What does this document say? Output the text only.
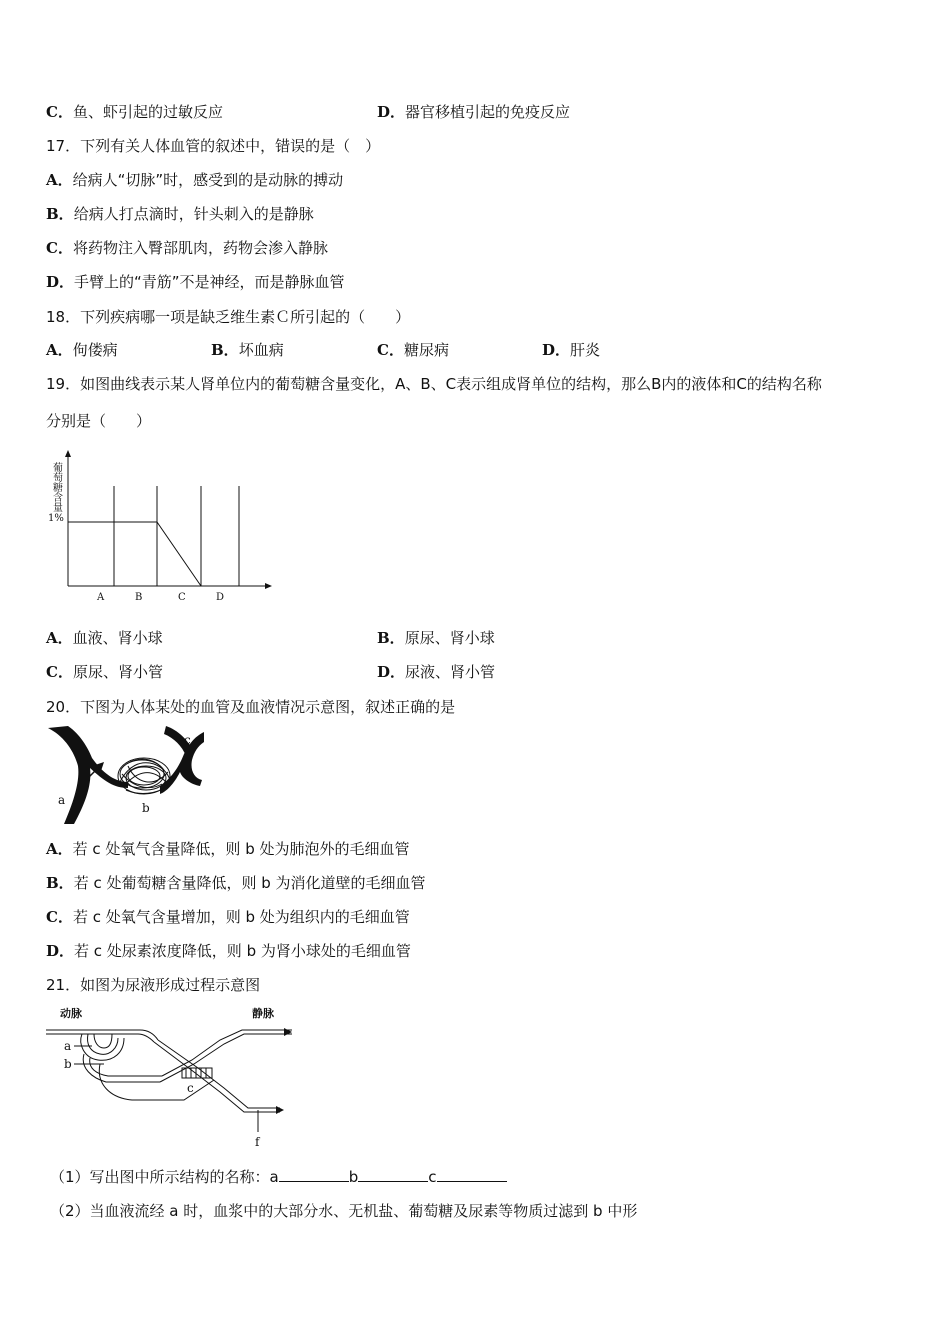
C．鱼、虾引起的过敏反应	D．器官移植引起的免疫反应
17．下列有关人体血管的叙述中，错误的是（　）
A．给病人“切脉”时，感受到的是动脉的搏动
B．给病人打点滴时，针头刺入的是静脉
C．将药物注入臀部肌肉，药物会渗入静脉
D．手臂上的“青筋”不是神经，而是静脉血管
18．下列疾病哪一项是缺乏维生素Ｃ所引起的（　　）
A．佝偻病	B．坏血病	C．糖尿病	D．肝炎
19．如图曲线表示某人肾单位内的葡萄糖含量变化，A、B、C表示组成肾单位的结构，那么B内的液体和C的结构名称
分别是（　　）
葡萄糖含量
1%
A	B	C	D
A．血液、肾小球	B．原尿、肾小球
C．原尿、肾小管	D．尿液、肾小管
20．下图为人体某处的血管及血液情况示意图，叙述正确的是
a
b
c
A．若 c 处氧气含量降低，则 b 处为肺泡外的毛细血管
B．若 c 处葡萄糖含量降低，则 b 为消化道壁的毛细血管
C．若 c 处氧气含量增加，则 b 处为组织内的毛细血管
D．若 c 处尿素浓度降低，则 b 为肾小球处的毛细血管
21．如图为尿液形成过程示意图
动脉	静脉
a
b
c
f
（1）写出图中所示结构的名称：a	b	c
（2）当血液流经 a 时，血浆中的大部分水、无机盐、葡萄糖及尿素等物质过滤到 b 中形
